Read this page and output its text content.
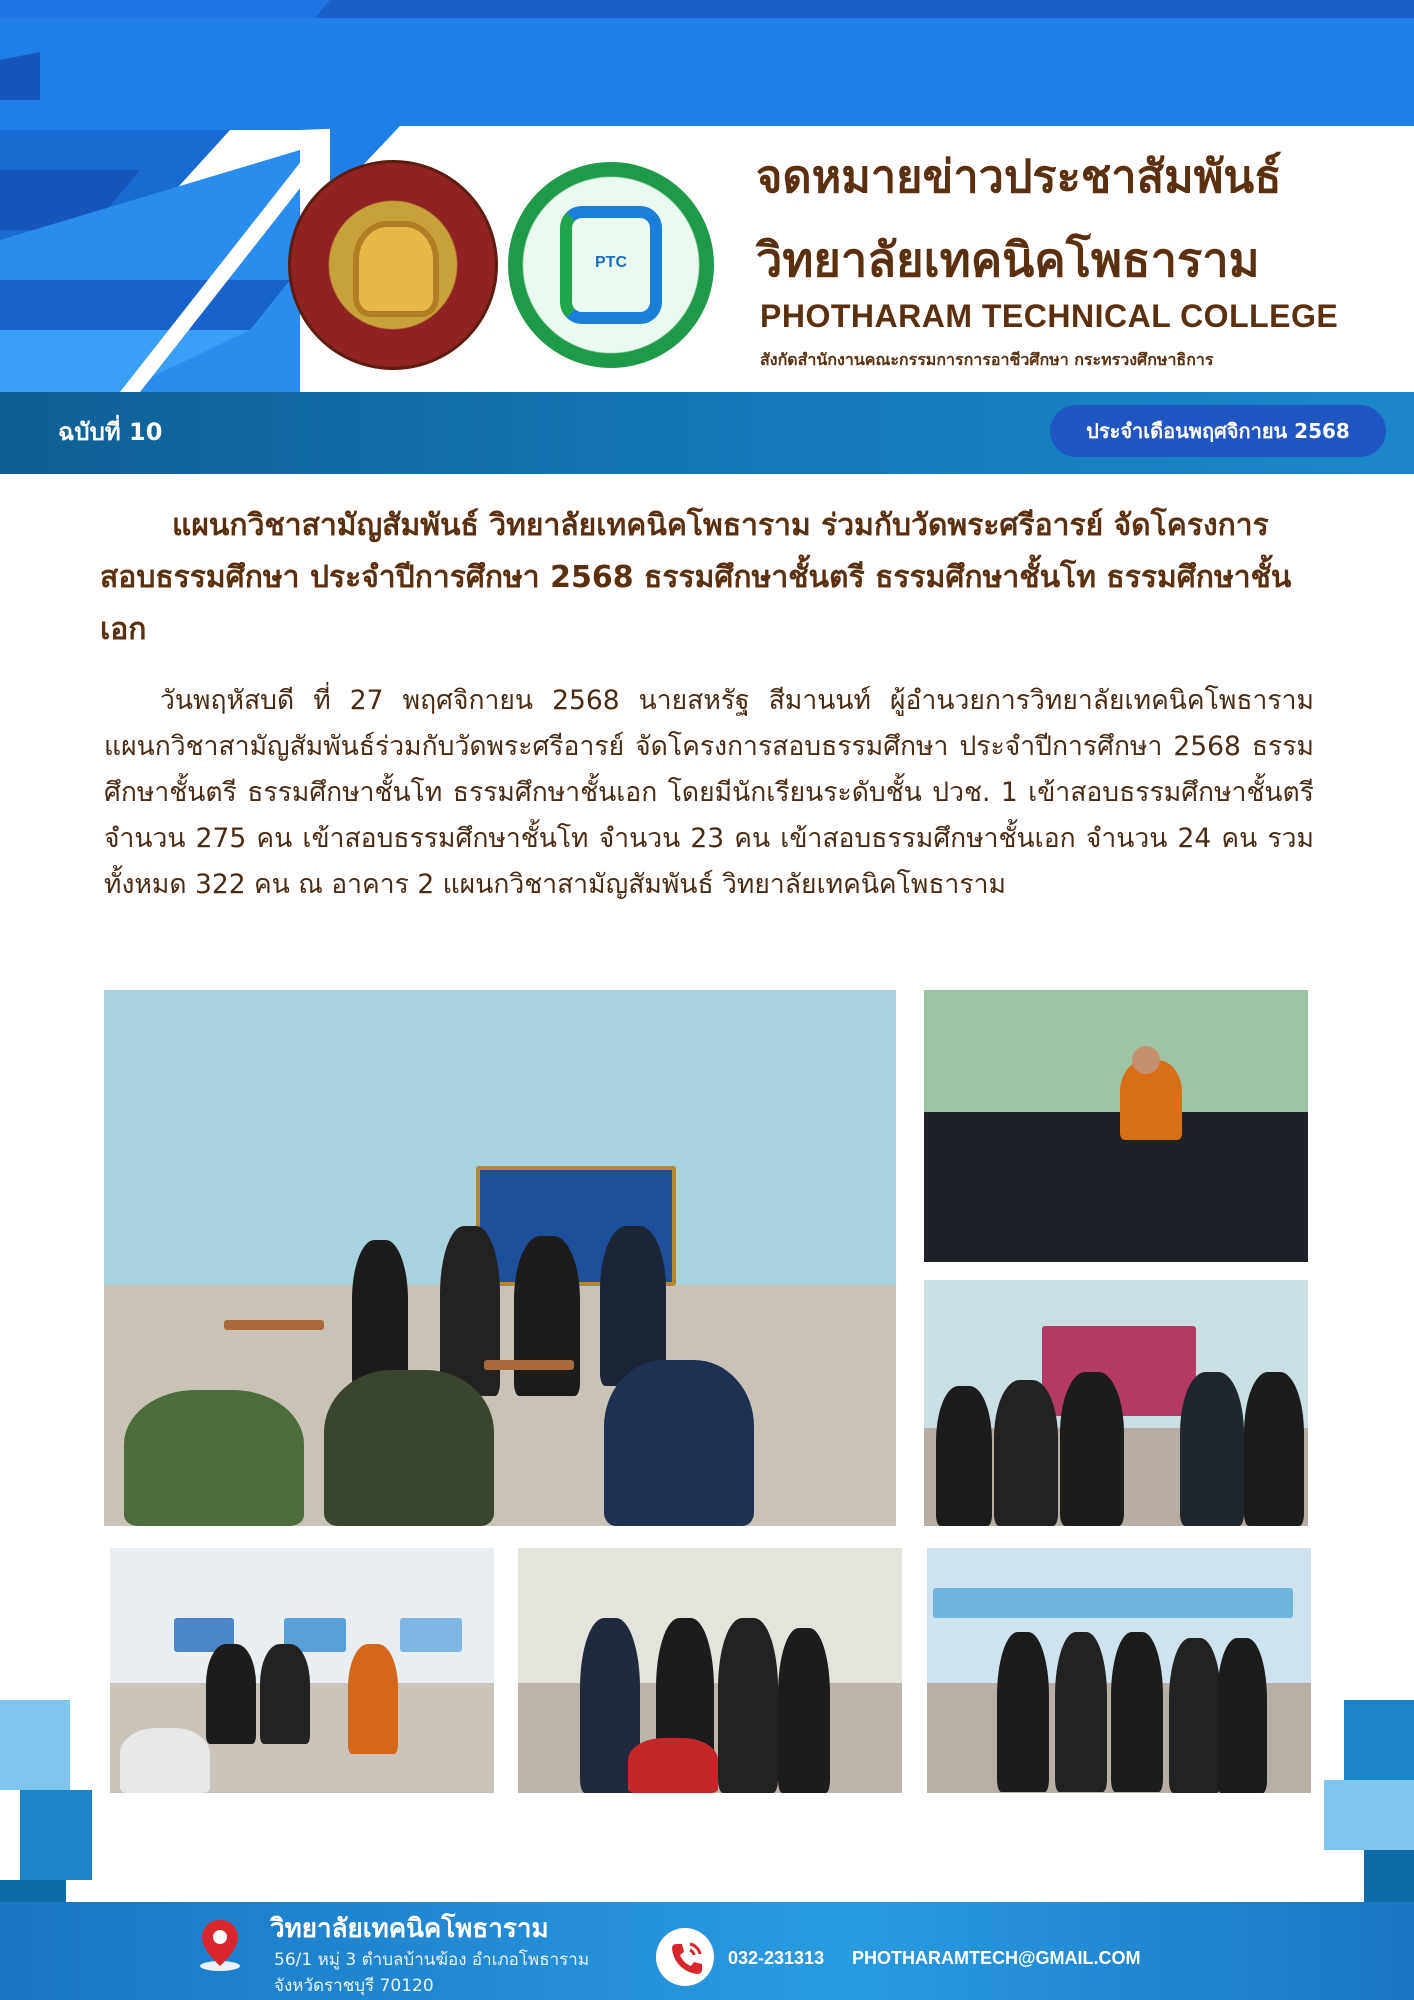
PTC
จดหมายข่าวประชาสัมพันธ์
วิทยาลัยเทคนิคโพธาราม
PHOTHARAM TECHNICAL COLLEGE
สังกัดสำนักงานคณะกรรมการการอาชีวศึกษา กระทรวงศึกษาธิการ
ฉบับที่ 10	ประจำเดือนพฤศจิกายน 2568
แผนกวิชาสามัญสัมพันธ์ วิทยาลัยเทคนิคโพธาราม ร่วมกับวัดพระศรีอารย์ จัดโครงการสอบธรรมศึกษา ประจำปีการศึกษา 2568 ธรรมศึกษาชั้นตรี ธรรมศึกษาชั้นโท ธรรมศึกษาชั้นเอก
วันพฤหัสบดี ที่ 27 พฤศจิกายน 2568 นายสหรัฐ สีมานนท์ ผู้อำนวยการวิทยาลัยเทคนิคโพธาราม แผนกวิชาสามัญสัมพันธ์ร่วมกับวัดพระศรีอารย์ จัดโครงการสอบธรรมศึกษา ประจำปีการศึกษา 2568 ธรรมศึกษาชั้นตรี ธรรมศึกษาชั้นโท ธรรมศึกษาชั้นเอก โดยมีนักเรียนระดับชั้น ปวช. 1 เข้าสอบธรรมศึกษาชั้นตรี จำนวน 275 คน เข้าสอบธรรมศึกษาชั้นโท จำนวน 23 คน เข้าสอบธรรมศึกษาชั้นเอก จำนวน 24 คน รวมทั้งหมด 322 คน ณ อาคาร 2 แผนกวิชาสามัญสัมพันธ์ วิทยาลัยเทคนิคโพธาราม
วิทยาลัยเทคนิคโพธาราม
56/1 หมู่ 3 ตำบลบ้านฆ้อง อำเภอโพธาราม
จังหวัดราชบุรี 70120
032-231313 PHOTHARAMTECH@GMAIL.COM
